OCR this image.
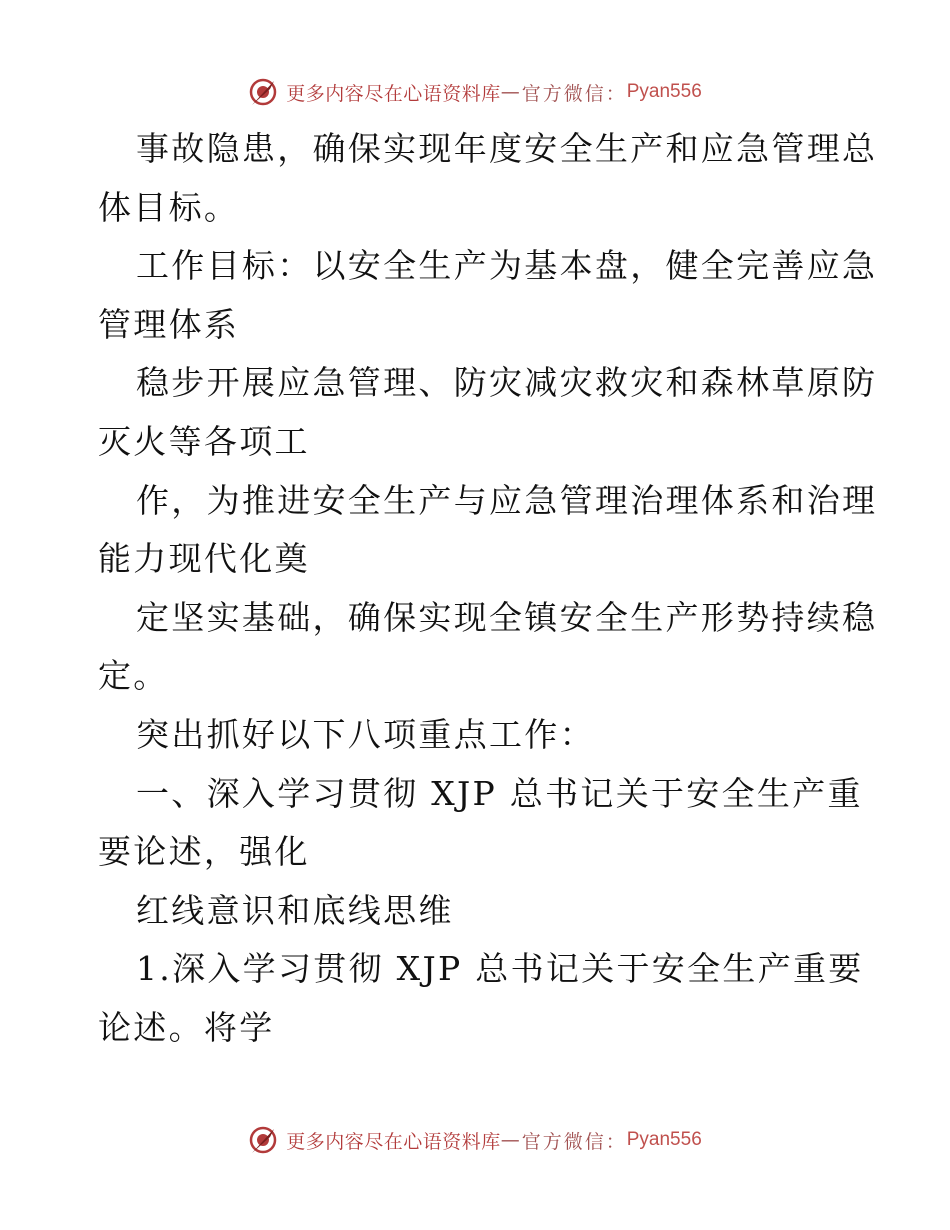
更多内容尽在心语资料库 — 官方微信： Pyan556
事故隐患，确保实现年度安全生产和应急管理总
体目标。
工作目标：以安全生产为基本盘，健全完善应急
管理体系
稳步开展应急管理、防灾减灾救灾和森林草原防
灭火等各项工
作，为推进安全生产与应急管理治理体系和治理
能力现代化奠
定坚实基础，确保实现全镇安全生产形势持续稳
定。
突出抓好以下八项重点工作：
一、深入学习贯彻 XJP 总书记关于安全生产重
要论述，强化
红线意识和底线思维
1.深入学习贯彻 XJP 总书记关于安全生产重要
论述。将学
更多内容尽在心语资料库 — 官方微信： Pyan556
